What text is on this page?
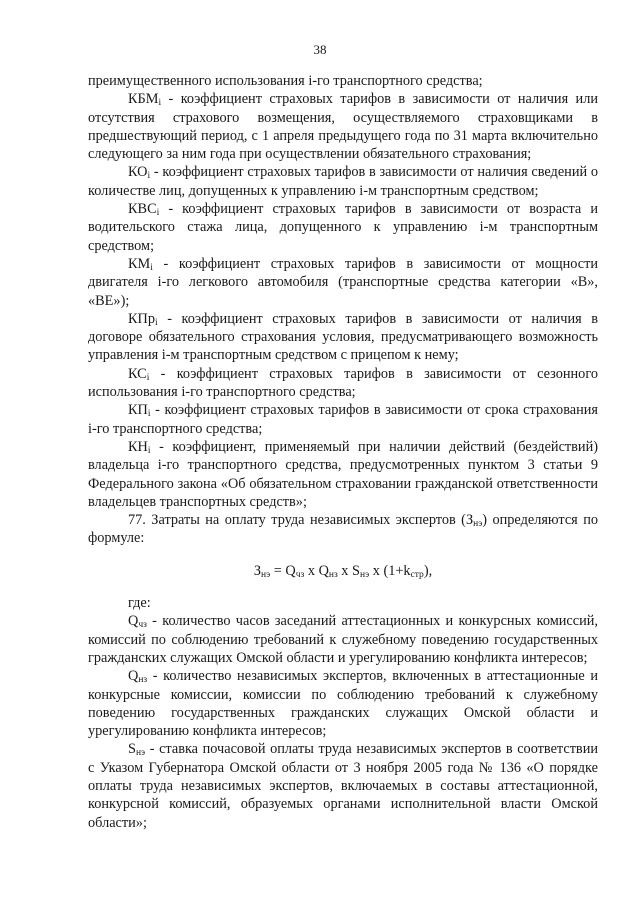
38

преимущественного использования i-го транспортного средства;

$КБМ_i$ - коэффициент страховых тарифов в зависимости от наличия или отсутствия страхового возмещения, осуществляемого страховщиками в предшествующий период, с 1 апреля предыдущего года по 31 марта включительно следующего за ним года при осуществлении обязательного страхования;

$КО_i$ - коэффициент страховых тарифов в зависимости от наличия сведений о количестве лиц, допущенных к управлению i-м транспортным средством;

$КВС_i$ - коэффициент страховых тарифов в зависимости от возраста и водительского стажа лица, допущенного к управлению i-м транспортным средством;

$КМ_i$ - коэффициент страховых тарифов в зависимости от мощности двигателя i-го легкового автомобиля (транспортные средства категории «В», «ВЕ»);

КПр$_i$ - коэффициент страховых тарифов в зависимости от наличия в договоре обязательного страхования условия, предусматривающего возможность управления i-м транспортным средством с прицепом к нему;

$КС_i$ - коэффициент страховых тарифов в зависимости от сезонного использования i-го транспортного средства;

$КП_i$ - коэффициент страховых тарифов в зависимости от срока страхования i-го транспортного средства;

$КН_i$ - коэффициент, применяемый при наличии действий (бездействий) владельца i-го транспортного средства, предусмотренных пунктом 3 статьи 9 Федерального закона «Об обязательном страховании гражданской ответственности владельцев транспортных средств»;

77. Затраты на оплату труда независимых экспертов $(З_{нэ})$ определяются по формуле:

$З_{нэ} = Q_{чз}$ x $Q_{нз}$ x $S_{нэ}$ x $(1+k_{стр})$,

где:

$Q_{чз}$ - количество часов заседаний аттестационных и конкурсных комиссий, комиссий по соблюдению требований к служебному поведению государственных гражданских служащих Омской области и урегулированию конфликта интересов;

$Q_{нз}$ - количество независимых экспертов, включенных в аттестационные и конкурсные комиссии, комиссии по соблюдению требований к служебному поведению государственных гражданских служащих Омской области и урегулированию конфликта интересов;

$S_{нэ}$ - ставка почасовой оплаты труда независимых экспертов в соответствии с Указом Губернатора Омской области от 3 ноября 2005 года № 136 «О порядке оплаты труда независимых экспертов, включаемых в составы аттестационной, конкурсной комиссий, образуемых органами исполнительной власти Омской области»;
